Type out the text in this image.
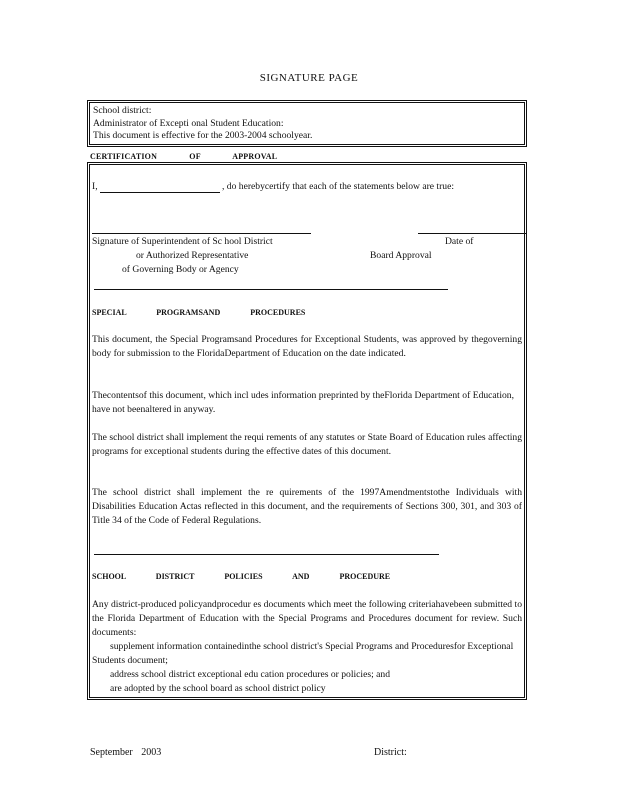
SIGNATURE PAGE
School district:
Administrator of Excepti onal Student Education:
This document is effective for the 2003-2004 schoolyear.
CERTIFICATION OF APPROVAL
I,	, do herebycertify that each of the statements below are true:
Signature of Superintendent of Sc hool District
or Authorized Representative
of Governing Body or Agency
Date of
Board Approval
SPECIAL PROGRAMSAND PROCEDURES
This document, the Special Programsand Procedures for Exceptional Students, was approved by thegoverning body for submission to the FloridaDepartment of Education on the date indicated.
Thecontentsof this document, which incl udes information preprinted by theFlorida Department of Education, have not beenaltered in anyway.
The school district shall implement the requi rements of any statutes or State Board of Education rules affecting programs for exceptional students during the effective dates of this document.
The school district shall implement the re quirements of the 1997Amendmentstothe Individuals with Disabilities Education Actas reflected in this document, and the requirements of Sections 300, 301, and 303 of Title 34 of the Code of Federal Regulations.
SCHOOL DISTRICT POLICIES AND PROCEDURE
Any district-produced policyandprocedur es documents which meet the following criteriahavebeen submitted to the Florida Department of Education with the Special Programs and Procedures document for review. Such documents:
supplement information containedinthe school district's Special Programs and Proceduresfor Exceptional Students document;
address school district exceptional edu cation procedures or policies; and
are adopted by the school board as school district policy
September 2003	District:
